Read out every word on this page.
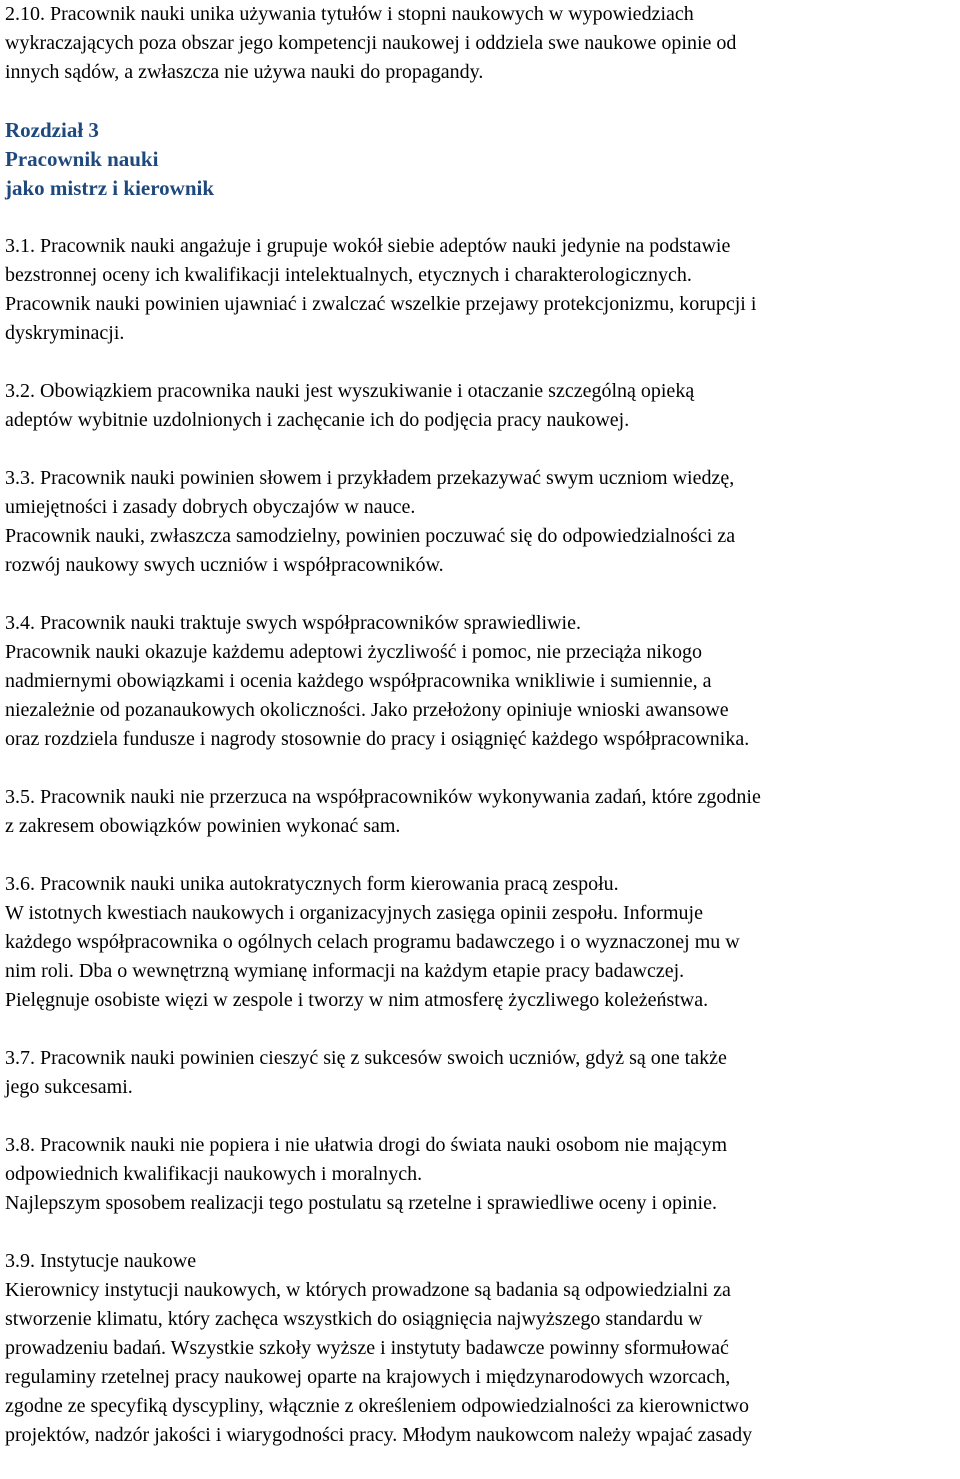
2.10. Pracownik nauki unika używania tytułów i stopni naukowych w wypowiedziach
wykraczających poza obszar jego kompetencji naukowej i oddziela swe naukowe opinie od
innych sądów, a zwłaszcza nie używa nauki do propagandy.
Rozdział 3
Pracownik nauki
jako mistrz i kierownik
3.1. Pracownik nauki angażuje i grupuje wokół siebie adeptów nauki jedynie na podstawie
bezstronnej oceny ich kwalifikacji intelektualnych, etycznych i charakterologicznych.
Pracownik nauki powinien ujawniać i zwalczać wszelkie przejawy protekcjonizmu, korupcji i
dyskryminacji.
3.2. Obowiązkiem pracownika nauki jest wyszukiwanie i otaczanie szczególną opieką
adeptów wybitnie uzdolnionych i zachęcanie ich do podjęcia pracy naukowej.
3.3. Pracownik nauki powinien słowem i przykładem przekazywać swym uczniom wiedzę,
umiejętności i zasady dobrych obyczajów w nauce.
Pracownik nauki, zwłaszcza samodzielny, powinien poczuwać się do odpowiedzialności za
rozwój naukowy swych uczniów i współpracowników.
3.4. Pracownik nauki traktuje swych współpracowników sprawiedliwie.
Pracownik nauki okazuje każdemu adeptowi życzliwość i pomoc, nie przeciąża nikogo
nadmiernymi obowiązkami i ocenia każdego współpracownika wnikliwie i sumiennie, a
niezależnie od pozanaukowych okoliczności. Jako przełożony opiniuje wnioski awansowe
oraz rozdziela fundusze i nagrody stosownie do pracy i osiągnięć każdego współpracownika.
3.5. Pracownik nauki nie przerzuca na współpracowników wykonywania zadań, które zgodnie
z zakresem obowiązków powinien wykonać sam.
3.6. Pracownik nauki unika autokratycznych form kierowania pracą zespołu.
W istotnych kwestiach naukowych i organizacyjnych zasięga opinii zespołu. Informuje
każdego współpracownika o ogólnych celach programu badawczego i o wyznaczonej mu w
nim roli. Dba o wewnętrzną wymianę informacji na każdym etapie pracy badawczej.
Pielęgnuje osobiste więzi w zespole i tworzy w nim atmosferę życzliwego koleżeństwa.
3.7. Pracownik nauki powinien cieszyć się z sukcesów swoich uczniów, gdyż są one także
jego sukcesami.
3.8. Pracownik nauki nie popiera i nie ułatwia drogi do świata nauki osobom nie mającym
odpowiednich kwalifikacji naukowych i moralnych.
Najlepszym sposobem realizacji tego postulatu są rzetelne i sprawiedliwe oceny i opinie.
3.9. Instytucje naukowe
Kierownicy instytucji naukowych, w których prowadzone są badania są odpowiedzialni za
stworzenie klimatu, który zachęca wszystkich do osiągnięcia najwyższego standardu w
prowadzeniu badań. Wszystkie szkoły wyższe i instytuty badawcze powinny sformułować
regulaminy rzetelnej pracy naukowej oparte na krajowych i międzynarodowych wzorcach,
zgodne ze specyfiką dyscypliny, włącznie z określeniem odpowiedzialności za kierownictwo
projektów, nadzór jakości i wiarygodności pracy. Młodym naukowcom należy wpajać zasady
